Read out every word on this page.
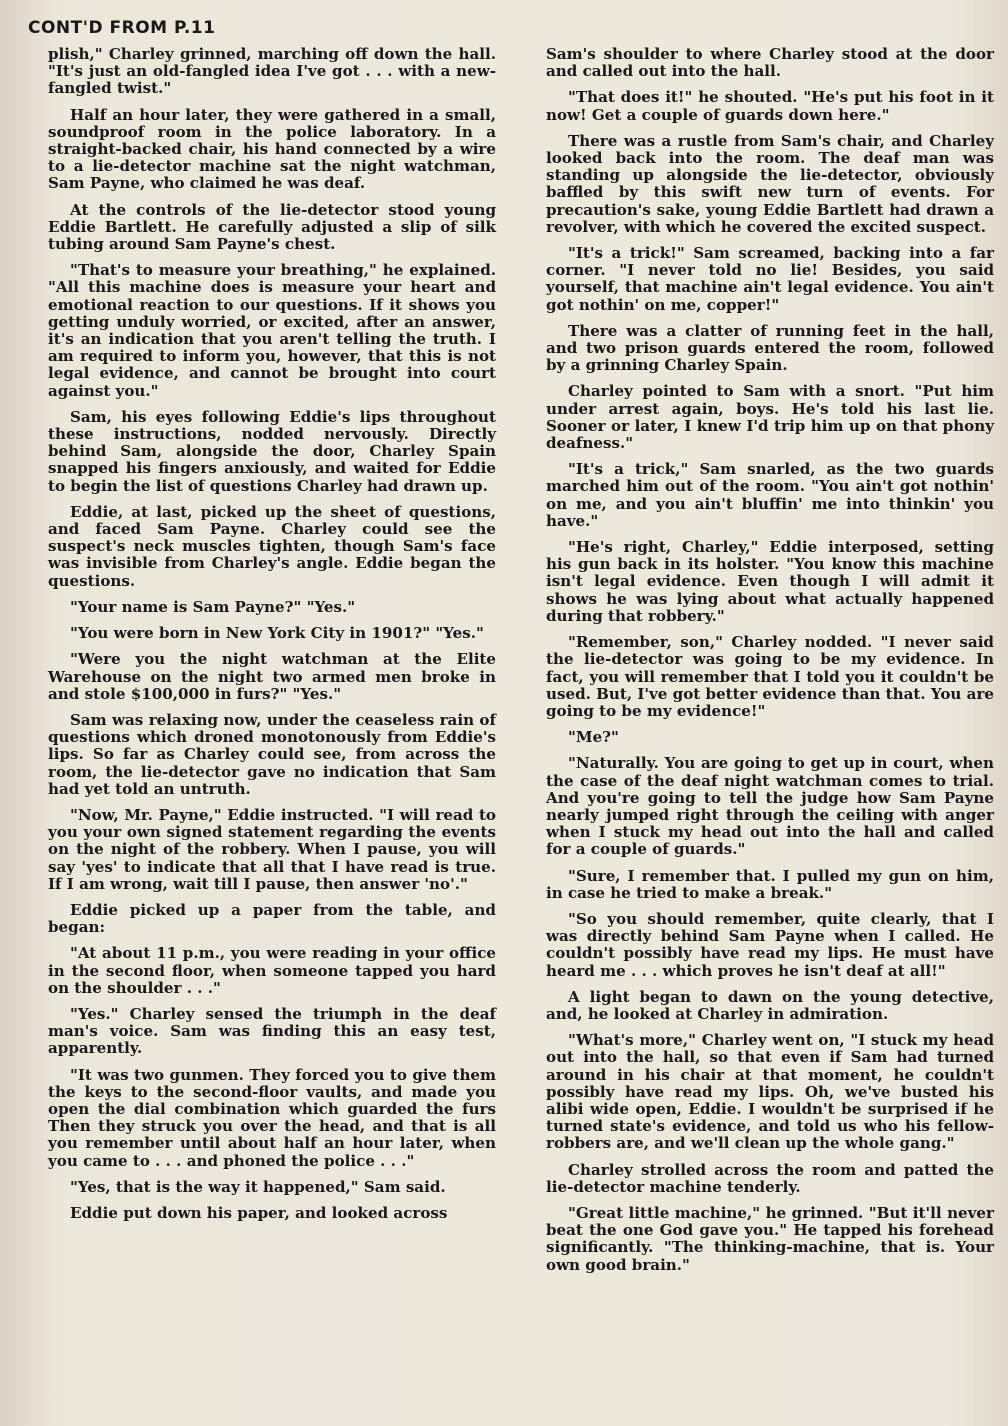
CONT'D FROM P.11

plish," Charley grinned, marching off down the hall. "It's just an old-fangled idea I've got . . . with a new-fangled twist."

Half an hour later, they were gathered in a small, soundproof room in the police laboratory. In a straight-backed chair, his hand connected by a wire to a lie-detector machine sat the night watchman, Sam Payne, who claimed he was deaf.

At the controls of the lie-detector stood young Eddie Bartlett. He carefully adjusted a slip of silk tubing around Sam Payne's chest.

"That's to measure your breathing," he explained. "All this machine does is measure your heart and emotional reaction to our questions. If it shows you getting unduly worried, or excited, after an answer, it's an indication that you aren't telling the truth. I am required to inform you, however, that this is not legal evidence, and cannot be brought into court against you."

Sam, his eyes following Eddie's lips throughout these instructions, nodded nervously. Directly behind Sam, alongside the door, Charley Spain snapped his fingers anxiously, and waited for Eddie to begin the list of questions Charley had drawn up.

Eddie, at last, picked up the sheet of questions, and faced Sam Payne. Charley could see the suspect's neck muscles tighten, though Sam's face was invisible from Charley's angle. Eddie began the questions.

"Your name is Sam Payne?" "Yes."

"You were born in New York City in 1901?" "Yes."

"Were you the night watchman at the Elite Warehouse on the night two armed men broke in and stole $100,000 in furs?" "Yes."

Sam was relaxing now, under the ceaseless rain of questions which droned monotonously from Eddie's lips. So far as Charley could see, from across the room, the lie-detector gave no indication that Sam had yet told an untruth.

"Now, Mr. Payne," Eddie instructed. "I will read to you your own signed statement regarding the events on the night of the robbery. When I pause, you will say 'yes' to indicate that all that I have read is true. If I am wrong, wait till I pause, then answer 'no'."

Eddie picked up a paper from the table, and began:

"At about 11 p.m., you were reading in your office in the second floor, when someone tapped you hard on the shoulder . . ."

"Yes." Charley sensed the triumph in the deaf man's voice. Sam was finding this an easy test, apparently.

"It was two gunmen. They forced you to give them the keys to the second-floor vaults, and made you open the dial combination which guarded the furs Then they struck you over the head, and that is all you remember until about half an hour later, when you came to . . . and phoned the police . . ."

"Yes, that is the way it happened," Sam said.

Eddie put down his paper, and looked across

Sam's shoulder to where Charley stood at the door and called out into the hall.

"That does it!" he shouted. "He's put his foot in it now! Get a couple of guards down here."

There was a rustle from Sam's chair, and Charley looked back into the room. The deaf man was standing up alongside the lie-detector, obviously baffled by this swift new turn of events. For precaution's sake, young Eddie Bartlett had drawn a revolver, with which he covered the excited suspect.

"It's a trick!" Sam screamed, backing into a far corner. "I never told no lie! Besides, you said yourself, that machine ain't legal evidence. You ain't got nothin' on me, copper!"

There was a clatter of running feet in the hall, and two prison guards entered the room, followed by a grinning Charley Spain.

Charley pointed to Sam with a snort. "Put him under arrest again, boys. He's told his last lie. Sooner or later, I knew I'd trip him up on that phony deafness."

"It's a trick," Sam snarled, as the two guards marched him out of the room. "You ain't got nothin' on me, and you ain't bluffin' me into thinkin' you have."

"He's right, Charley," Eddie interposed, setting his gun back in its holster. "You know this machine isn't legal evidence. Even though I will admit it shows he was lying about what actually happened during that robbery."

"Remember, son," Charley nodded. "I never said the lie-detector was going to be my evidence. In fact, you will remember that I told you it couldn't be used. But, I've got better evidence than that. You are going to be my evidence!"

"Me?"

"Naturally. You are going to get up in court, when the case of the deaf night watchman comes to trial. And you're going to tell the judge how Sam Payne nearly jumped right through the ceiling with anger when I stuck my head out into the hall and called for a couple of guards."

"Sure, I remember that. I pulled my gun on him, in case he tried to make a break."

"So you should remember, quite clearly, that I was directly behind Sam Payne when I called. He couldn't possibly have read my lips. He must have heard me . . . which proves he isn't deaf at all!"

A light began to dawn on the young detective, and, he looked at Charley in admiration.

"What's more," Charley went on, "I stuck my head out into the hall, so that even if Sam had turned around in his chair at that moment, he couldn't possibly have read my lips. Oh, we've busted his alibi wide open, Eddie. I wouldn't be surprised if he turned state's evidence, and told us who his fellow-robbers are, and we'll clean up the whole gang."

Charley strolled across the room and patted the lie-detector machine tenderly.

"Great little machine," he grinned. "But it'll never beat the one God gave you." He tapped his forehead significantly. "The thinking-machine, that is. Your own good brain."
